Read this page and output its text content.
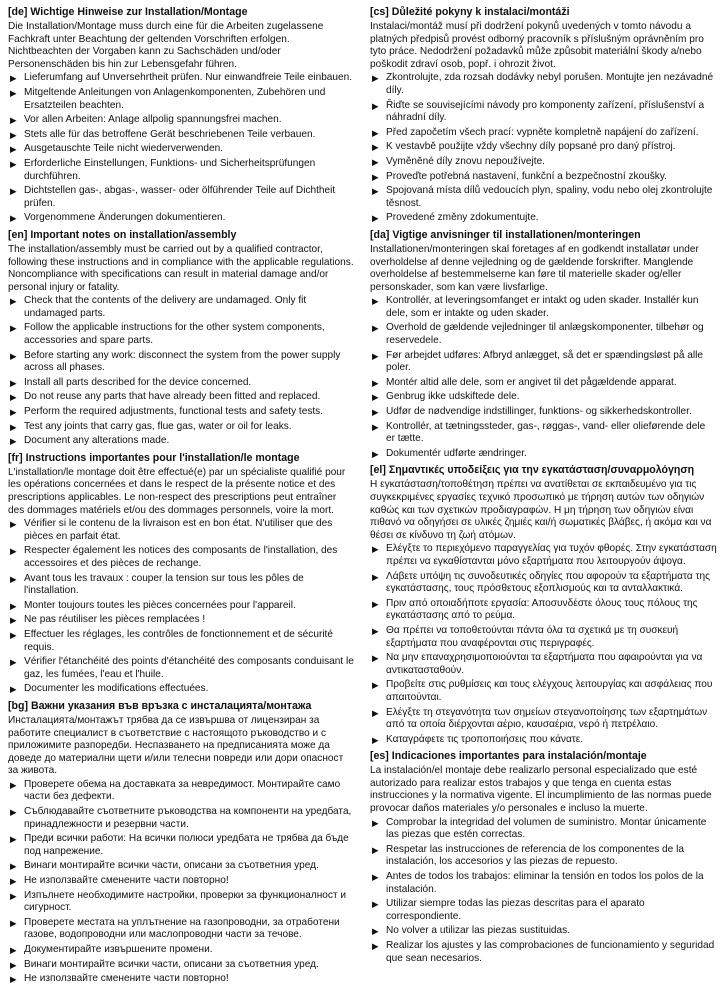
[de] Wichtige Hinweise zur Installation/Montage
Die Installation/Montage muss durch eine für die Arbeiten zugelassene Fachkraft unter Beachtung der geltenden Vorschriften erfolgen. Nichtbeachten der Vorgaben kann zu Sachschäden und/oder Personenschäden bis hin zur Lebensgefahr führen.
▶ Lieferumfang auf Unversehrtheit prüfen. Nur einwandfreie Teile einbauen.
▶ Mitgeltende Anleitungen von Anlagenkomponenten, Zubehören und Ersatzteilen beachten.
▶ Vor allen Arbeiten: Anlage allpolig spannungsfrei machen.
▶ Stets alle für das betroffene Gerät beschriebenen Teile verbauen.
▶ Ausgetauschte Teile nicht wiederverwenden.
▶ Erforderliche Einstellungen, Funktions- und Sicherheitsprüfungen durchführen.
▶ Dichtstellen gas-, abgas-, wasser- oder ölführender Teile auf Dichtheit prüfen.
▶ Vorgenommene Änderungen dokumentieren.
[en] Important notes on installation/assembly
The installation/assembly must be carried out by a qualified contractor, following these instructions and in compliance with the applicable regulations. Noncompliance with specifications can result in material damage and/or personal injury or fatality.
▶ Check that the contents of the delivery are undamaged. Only fit undamaged parts.
▶ Follow the applicable instructions for the other system components, accessories and spare parts.
▶ Before starting any work: disconnect the system from the power supply across all phases.
▶ Install all parts described for the device concerned.
▶ Do not reuse any parts that have already been fitted and replaced.
▶ Perform the required adjustments, functional tests and safety tests.
▶ Test any joints that carry gas, flue gas, water or oil for leaks.
▶ Document any alterations made.
[fr] Instructions importantes pour l'installation/le montage
L'installation/le montage doit être effectué(e) par un spécialiste qualifié pour les opérations concernées et dans le respect de la présente notice et des prescriptions applicables. Le non-respect des prescriptions peut entraîner des dommages matériels et/ou des dommages personnels, voire la mort.
▶ Vérifier si le contenu de la livraison est en bon état. N'utiliser que des pièces en parfait état.
▶ Respecter également les notices des composants de l'installation, des accessoires et des pièces de rechange.
▶ Avant tous les travaux : couper la tension sur tous les pôles de l'installation.
▶ Monter toujours toutes les pièces concernées pour l'appareil.
▶ Ne pas réutiliser les pièces remplacées !
▶ Effectuer les réglages, les contrôles de fonctionnement et de sécurité requis.
▶ Vérifier l'étanchéité des points d'étanchéité des composants conduisant le gaz, les fumées, l'eau et l'huile.
▶ Documenter les modifications effectuées.
[bg] Важни указания във връзка с инсталацията/монтажа
Инсталацията/монтажът трябва да се извършва от лицензиран за работите специалист в съответствие с настоящото ръководство и с приложимите разпоредби. Неспазването на предписанията може да доведе до материални щети и/или телесни повреди или дори опасност за живота.
▶ Проверете обема на доставката за невредимост. Монтирайте само части без дефекти.
▶ Съблюдавайте съответните ръководства на компоненти на уредбата, принадлежности и резервни части.
▶ Преди всички работи: На всички полюси уредбата не трябва да бъде под напрежение.
▶ Винаги монтирайте всички части, описани за съответния уред.
▶ Не използвайте сменените части повторно!
▶ Изпълнете необходимите настройки, проверки за функционалност и сигурност.
▶ Проверете местата на уплътнение на газопроводни, за отработени газове, водопроводни или маслопроводни части за течове.
▶ Документирайте извършените промени.
▶ Винаги монтирайте всички части, описани за съответния уред.
▶ Не използвайте сменените части повторно!
[cs] Důležité pokyny k instalaci/montáži
Instalaci/montáž musí při dodržení pokynů uvedených v tomto návodu a platných předpisů provést odborný pracovník s příslušným oprávněním pro tyto práce. Nedodržení požadavků může způsobit materiální škody a/nebo poškodit zdraví osob, popř. i ohrozit život.
▶ Zkontrolujte, zda rozsah dodávky nebyl porušen. Montujte jen nezávadné díly.
▶ Řiďte se souvisejícími návody pro komponenty zařízení, příslušenství a náhradní díly.
▶ Před započetím všech prací: vypněte kompletně napájení do zařízení.
▶ K vestavbě použijte vždy všechny díly popsané pro daný přístroj.
▶ Vyměněné díly znovu nepoužívejte.
▶ Proveďte potřebná nastavení, funkční a bezpečnostní zkoušky.
▶ Spojovaná místa dílů vedoucích plyn, spaliny, vodu nebo olej zkontrolujte těsnost.
▶ Provedené změny zdokumentujte.
[da] Vigtige anvisninger til installationen/monteringen
Installationen/monteringen skal foretages af en godkendt installatør under overholdelse af denne vejledning og de gældende forskrifter. Manglende overholdelse af bestemmelserne kan føre til materielle skader og/eller personskader, som kan være livsfarlige.
▶ Kontrollér, at leveringsomfanget er intakt og uden skader. Installér kun dele, som er intakte og uden skader.
▶ Overhold de gældende vejledninger til anlægskomponenter, tilbehør og reservedele.
▶ Før arbejdet udføres: Afbryd anlægget, så det er spændingsløst på alle poler.
▶ Montér altid alle dele, som er angivet til det pågældende apparat.
▶ Genbrug ikke udskiftede dele.
▶ Udfør de nødvendige indstillinger, funktions- og sikkerhedskontroller.
▶ Kontrollér, at tætningssteder, gas-, røggas-, vand- eller olieførende dele er tætte.
▶ Dokumentér udførte ændringer.
[el] Σημαντικές υποδείξεις για την εγκατάσταση/συναρμολόγηση
Η εγκατάσταση/τοποθέτηση πρέπει να ανατίθεται σε εκπαιδευμένο για τις συγκεκριμένες εργασίες τεχνικό προσωπικό με τήρηση αυτών των οδηγιών καθώς και των σχετικών προδιαγραφών. Η μη τήρηση των οδηγιών είναι πιθανό να οδηγήσει σε υλικές ζημιές και/ή σωματικές βλάβες, ή ακόμα και να θέσει σε κίνδυνο τη ζωή ατόμων.
▶ Ελέγξτε το περιεχόμενο παραγγελίας για τυχόν φθορές. Στην εγκατάσταση πρέπει να εγκαθίστανται μόνο εξαρτήματα που λειτουργούν άψογα.
▶ Λάβετε υπόψη τις συνοδευτικές οδηγίες που αφορούν τα εξαρτήματα της εγκατάστασης, τους πρόσθετους εξοπλισμούς και τα ανταλλακτικά.
▶ Πριν από οποιαδήποτε εργασία: Αποσυνδέστε όλους τους πόλους της εγκατάστασης από το ρεύμα.
▶ Θα πρέπει να τοποθετούνται πάντα όλα τα σχετικά με τη συσκευή εξαρτήματα που αναφέρονται στις περιγραφές.
▶ Να μην επαναχρησιμοποιούνται τα εξαρτήματα που αφαιρούνται για να αντικατασταθούν.
▶ Προβείτε στις ρυθμίσεις και τους ελέγχους λειτουργίας και ασφάλειας που απαιτούνται.
▶ Ελέγξτε τη στεγανότητα των σημείων στεγανοποίησης των εξαρτημάτων από τα οποία διέρχονται αέριο, καυσαέρια, νερό ή πετρέλαιο.
▶ Καταγράφετε τις τροποποιήσεις που κάνατε.
[es] Indicaciones importantes para instalación/montaje
La instalación/el montaje debe realizarlo personal especializado que esté autorizado para realizar estos trabajos y que tenga en cuenta estas instrucciones y la normativa vigente. El incumplimiento de las normas puede provocar daños materiales y/o personales e incluso la muerte.
▶ Comprobar la integridad del volumen de suministro. Montar únicamente las piezas que estén correctas.
▶ Respetar las instrucciones de referencia de los componentes de la instalación, los accesorios y las piezas de repuesto.
▶ Antes de todos los trabajos: eliminar la tensión en todos los polos de la instalación.
▶ Utilizar siempre todas las piezas descritas para el aparato correspondiente.
▶ No volver a utilizar las piezas sustituidas.
▶ Realizar los ajustes y las comprobaciones de funcionamiento y seguridad que sean necesarios.
